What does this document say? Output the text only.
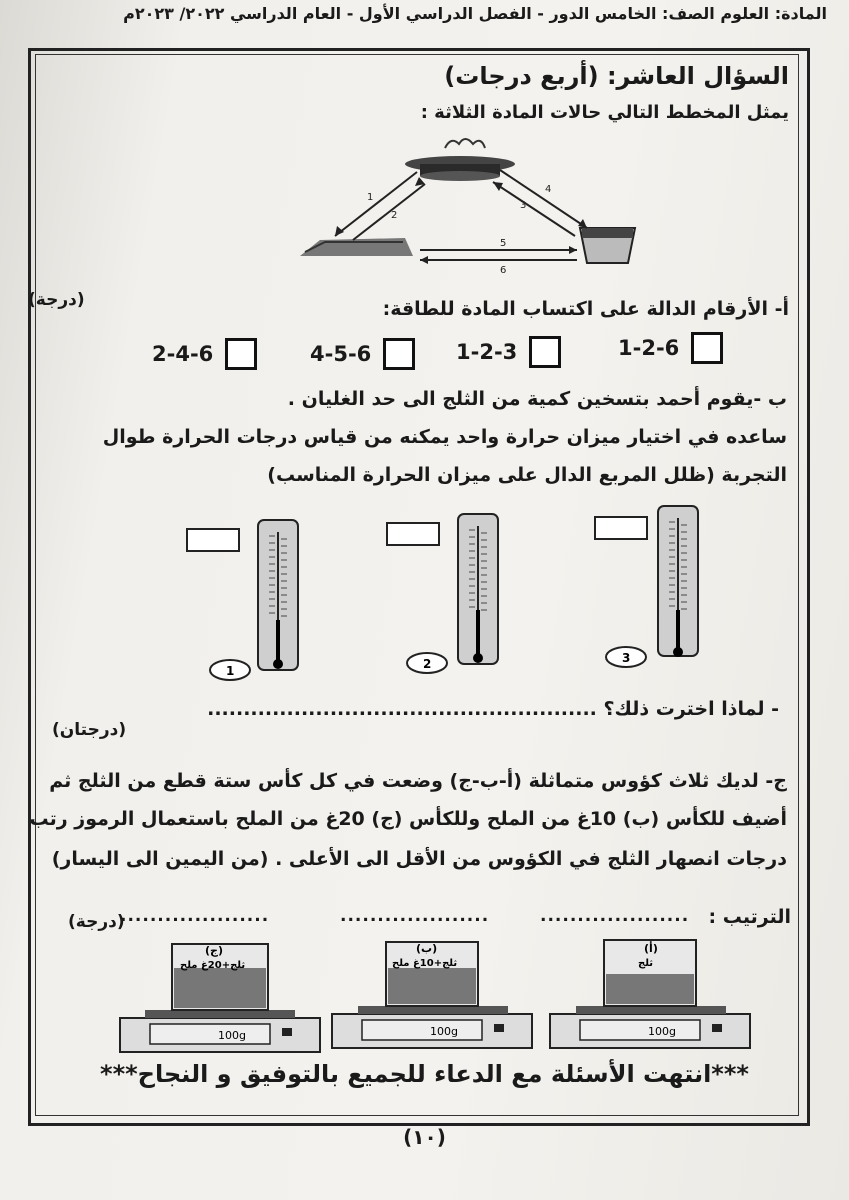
المادة: العلوم الصف: الخامس الدور - الفصل الدراسي الأول - العام الدراسي ٢٠٢٢/ ٢٠٢٣م
السؤال العاشر: (أربع درجات)
يمثل المخطط التالي حالات المادة الثلاثة :
1
2
3
4
5
6
أ- الأرقام الدالة على اكتساب المادة للطاقة:
(درجة)
1-2-6
1-2-3
4-5-6
2-4-6
ب -يقوم أحمد بتسخين كمية من الثلج الى حد الغليان .
ساعده في اختيار ميزان حرارة واحد يمكنه من قياس درجات الحرارة طوال
التجربة (ظلل المربع الدال على ميزان الحرارة المناسب)
1	2	3
- لماذا اخترت ذلك؟ ......................................................
(درجتان)
ج- لديك ثلاث كؤوس متماثلة (أ-ب-ج) وضعت في كل كأس ستة قطع من الثلج ثم
أضيف للكأس (ب) 10غ من الملح وللكأس (ج) 20غ من الملح باستعمال الرموز رتب
درجات انصهار الثلج في الكؤوس من الأقل الى الأعلى . (من اليمين الى اليسار)
الترتيب :
....................
....................
....................
(درجة)
100g
(ج)
ثلج+20غ ملح
100g
(ب)
ثلج+10غ ملح
100g
(أ)
ثلج
***انتهت الأسئلة مع الدعاء للجميع بالتوفيق و النجاح***
(١٠)
